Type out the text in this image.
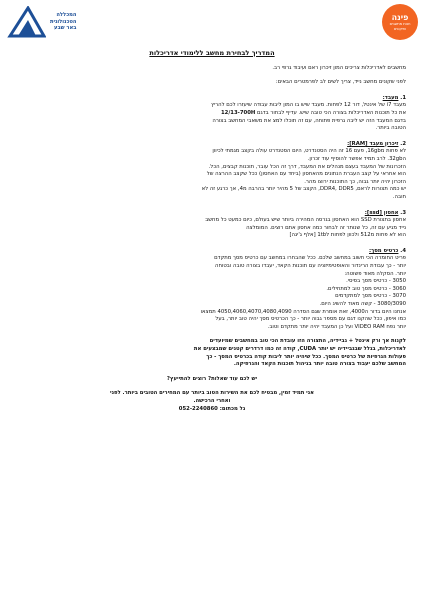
המכללה
הטכנולוגית
באר שבע
פינה
חנות מחשבים
ותיקונים
המדריך לבחירת מחשב ללימודי אדריכלות

מחשבים לאדריכלות צריכים המון זיכרון ראם ועיבוד גרפי רב.

לפני שקונים מחשב נייד, צריך לשים לב לפרמטרים הבאים:

1. מעבד:

מעבד i7 של אינטל, דור 12 לפחות. מעבד שיש בו המון ליבות עבודה שיעזרו לכם להריץ

את כל תוכנות האדריכלות בצורה הכי טובה שיש. עדיף לבחור בדגם 12/13-700H

בדגם המעבד הזה יש ליבה גרפית פתוחה, עם זה תוכלו למצ את משאבי המחשב בצורה

הטובה ביותר.

2. זיכרון מעבד [RAM]:

לא פחות מ16gb, פעם 16 זה היה הסטנדרט, היום הסטנדרט עולה בקצב מגמתי לכיוון

ה32gb. לרב תמיד אפשר להוסיף עוד זכרון.

הזכרונות של המעבד בעצם מנהלים את המעבד, דרך זה הכל עובר, תוכנות קבצים, הכל.

הוא אחראי על קצב העברת הנתונים מהאחסון (ביחד עם האחסון) ככל שקצב ההרצה של

הזכרון יהיה יותר גבוה, כך התוכנות ירוצו מהר.

יש כמה תצורות לראם, DDR4, DDR5, הקצב של 5 מהיר יותר בהרבה מ4, אך כרגע זה לא

חובה.

3. אחסון [ssd]:

אחסון בתצורת SSD הוא האחסון בגרסה המהירה ביותר שיש בעולם, כיום כמעט כל מחשב

נייד מגיע עם זה, כל שנותר זה לבחור כמה אחסון אתם רוצים. המומלצה

הוא לא פחות מ512 ולכוון לפחות ל1tb [אלף ג'יגה]

4. כרטיס מסך:

פריט החומרה הכי חשוב במחשב שלכם. ככל שהבחרו במחשב עם כרטיס מסך מתקדם

יותר - כך עבודת הרינדור והאופטימיזציה עם תוכנות הקאד, יעבדו בצורה טובה ובטוחה

יותר. הסקלה מאוד פשוטה:

3050 - כרטיס מסך בסיסי.

3060 - כרטיס מסך טוב למתחילים.

3070 - כרטיס מסך למתקדמים

3080/3090 - קשה מאוד להשיג היום.

אנחנו היום בדור ה4000, זאת אומרת שגם הסדרה 4050,4060,4070,4080,4090 תמצאו

כמו איפון, ככל שהקנו דגם עם מספר גבוה יותר - כך הכרטיס מסך יהיה טוב יותר, בעל

יותר נפח VIDEO RAM ועל כן המעבד יהיה יותר מתקדם וטוב.

לקנות אך ורק אינטל + גביידיה, התצורה הזו עובדת הכי טוב במחשבים שמיועדים

לאדריכלות, בגלל שבגביידיה יש יותר CUDA, קודה זה כמו דרדרים קטנים שמבצעים את

פעולות הגרפיות של כרטיס המסך. ככל שיהיה יותר ליבות קודה בכרטיס המסך - כך

המחשב שלכם יעבוד בצורה טובה יותר בניהול תוכנות הקאד והגרפיקה.

יש לכם עוד שאלות? רוצים להתייעץ?

אני תמיד זמין, מבטיח לכם את השירות הטוב ביותר עם המחירים הטובים ביותר. לפני

ואחרי הרכישה.

גל מכתום: 052-2240860
